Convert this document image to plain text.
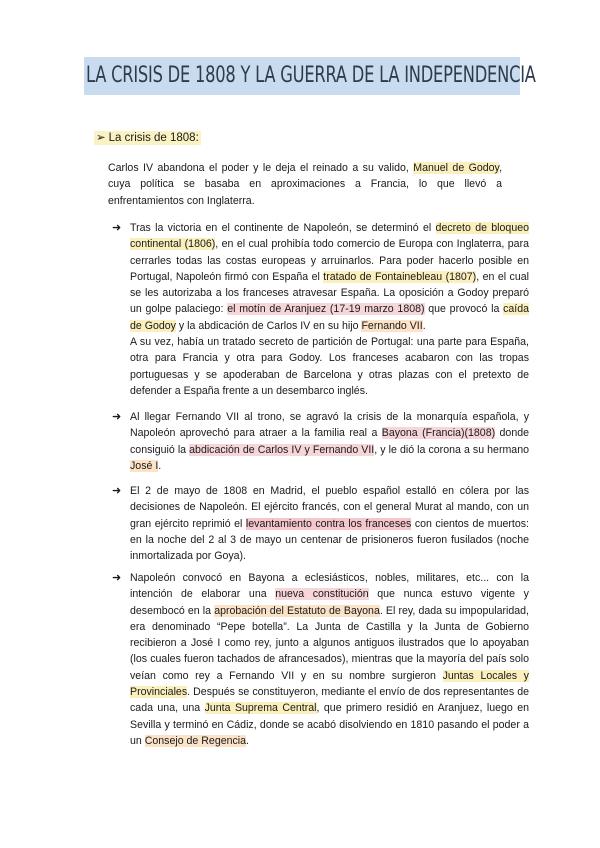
LA CRISIS DE 1808 Y LA GUERRA DE LA INDEPENDENCIA
➢ La crisis de 1808:
Carlos IV abandona el poder y le deja el reinado a su valido, Manuel de Godoy, cuya política se basaba en aproximaciones a Francia, lo que llevó a enfrentamientos con Inglaterra.
➜ Tras la victoria en el continente de Napoleón, se determinó el decreto de bloqueo continental (1806), en el cual prohibía todo comercio de Europa con Inglaterra, para cerrarles todas las costas europeas y arruinarlos. Para poder hacerlo posible en Portugal, Napoleón firmó con España el tratado de Fontainebleau (1807), en el cual se les autorizaba a los franceses atravesar España. La oposición a Godoy preparó un golpe palaciego: el motín de Aranjuez (17-19 marzo 1808) que provocó la caída de Godoy y la abdicación de Carlos IV en su hijo Fernando VII.
A su vez, había un tratado secreto de partición de Portugal: una parte para España, otra para Francia y otra para Godoy. Los franceses acabaron con las tropas portuguesas y se apoderaban de Barcelona y otras plazas con el pretexto de defender a España frente a un desembarco inglés.
➜ Al llegar Fernando VII al trono, se agravó la crisis de la monarquía española, y Napoleón aprovechó para atraer a la familia real a Bayona (Francia)(1808) donde consiguió la abdicación de Carlos IV y Fernando VII, y le dió la corona a su hermano José I.
➜ El 2 de mayo de 1808 en Madrid, el pueblo español estalló en cólera por las decisiones de Napoleón. El ejército francés, con el general Murat al mando, con un gran ejército reprimió el levantamiento contra los franceses con cientos de muertos: en la noche del 2 al 3 de mayo un centenar de prisioneros fueron fusilados (noche inmortalizada por Goya).
➜ Napoleón convocó en Bayona a eclesiásticos, nobles, militares, etc... con la intención de elaborar una nueva constitución que nunca estuvo vigente y desembocó en la aprobación del Estatuto de Bayona. El rey, dada su impopularidad, era denominado “Pepe botella”. La Junta de Castilla y la Junta de Gobierno recibieron a José I como rey, junto a algunos antiguos ilustrados que lo apoyaban (los cuales fueron tachados de afrancesados), mientras que la mayoría del país solo veían como rey a Fernando VII y en su nombre surgieron Juntas Locales y Provinciales. Después se constituyeron, mediante el envío de dos representantes de cada una, una Junta Suprema Central, que primero residió en Aranjuez, luego en Sevilla y terminó en Cádiz, donde se acabó disolviendo en 1810 pasando el poder a un Consejo de Regencia.
